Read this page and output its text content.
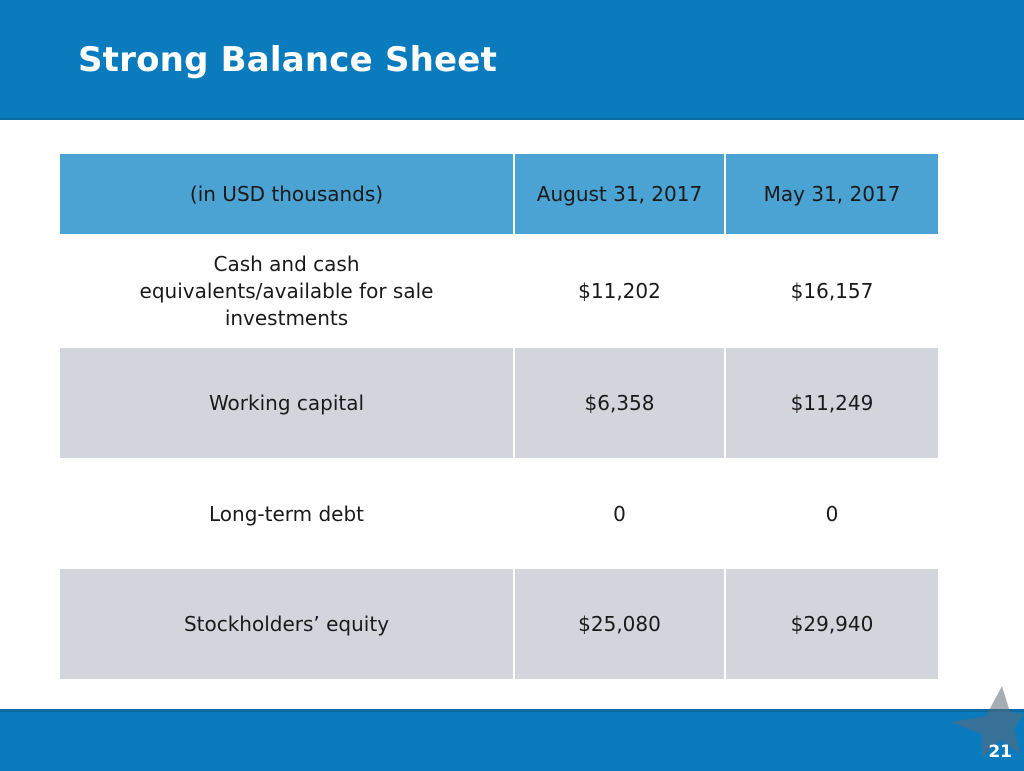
Strong Balance Sheet
(in USD thousands)	August 31, 2017	May 31, 2017
Cash and cash equivalents/available for sale investments	$11,202	$16,157
Working capital	$6,358	$11,249
Long-term debt	0	0
Stockholders’ equity	$25,080	$29,940
21
